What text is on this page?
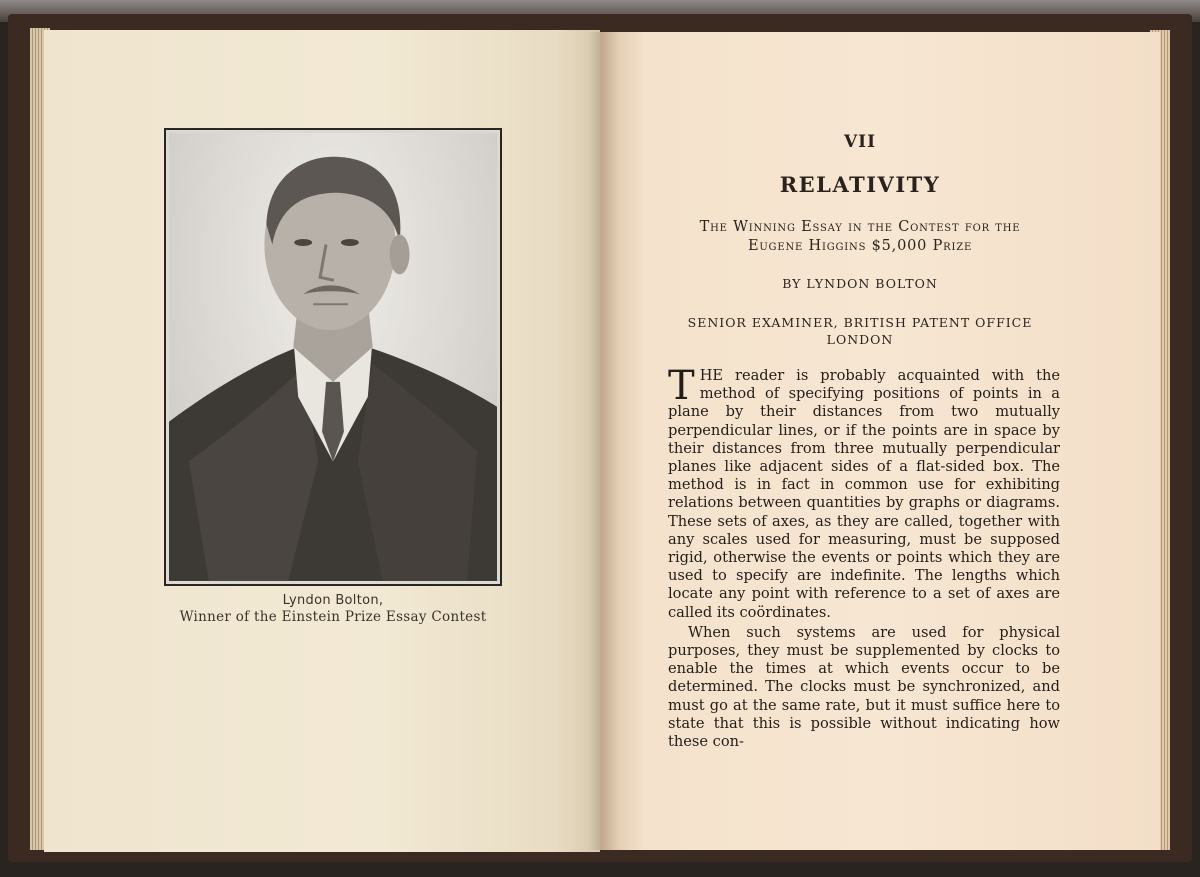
Lyndon Bolton,
Winner of the Einstein Prize Essay Contest
VII
RELATIVITY
The Winning Essay in the Contest for the
Eugene Higgins $5,000 Prize
BY LYNDON BOLTON
SENIOR EXAMINER, BRITISH PATENT OFFICE
LONDON

THE reader is probably acquainted with the method of specifying positions of points in a plane by their distances from two mutually perpendicular lines, or if the points are in space by their distances from three mutually perpendicular planes like adjacent sides of a flat-sided box. The method is in fact in common use for exhibiting relations between quantities by graphs or diagrams. These sets of axes, as they are called, together with any scales used for measuring, must be supposed rigid, otherwise the events or points which they are used to specify are indefinite. The lengths which locate any point with reference to a set of axes are called its coördinates.

When such systems are used for physical purposes, they must be supplemented by clocks to enable the times at which events occur to be determined. The clocks must be synchronized, and must go at the same rate, but it must suffice here to state that this is possible without indicating how these con-
